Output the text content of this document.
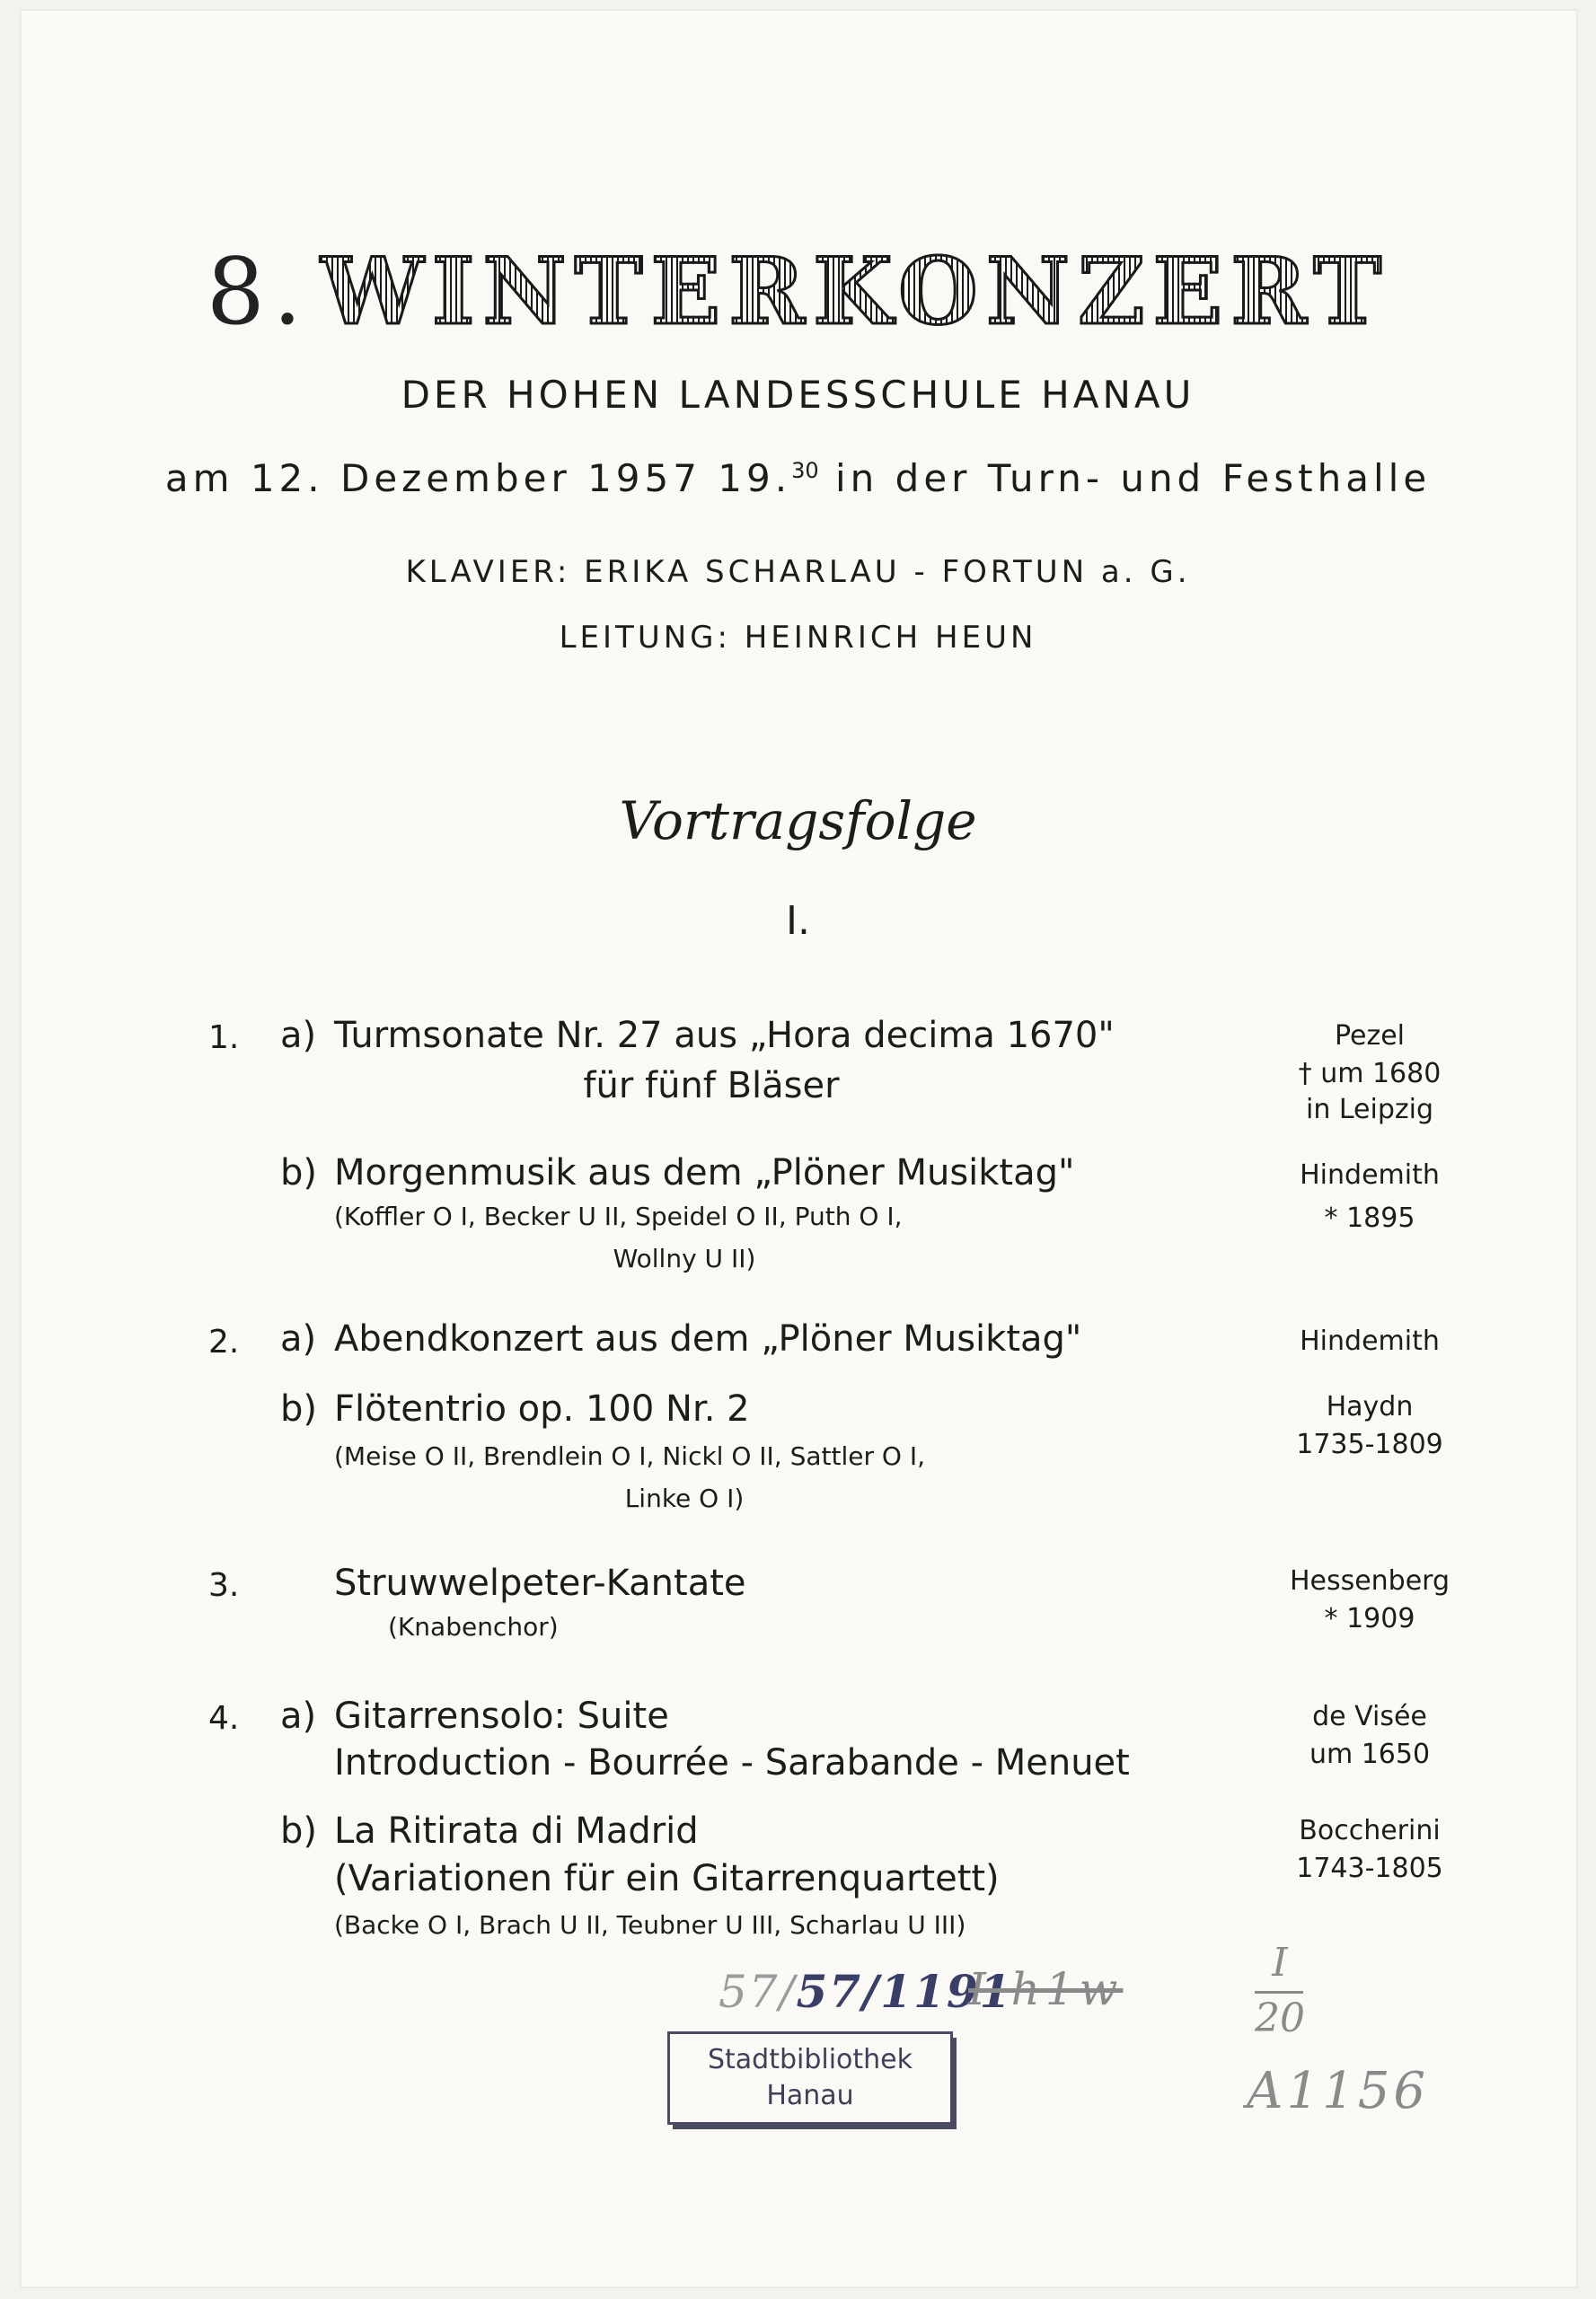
8. WINTERKONZERT
DER HOHEN LANDESSCHULE HANAU
am 12. Dezember 1957 19.30 in der Turn- und Festhalle
KLAVIER: ERIKA SCHARLAU - FORTUN a. G.
LEITUNG: HEINRICH HEUN
Vortragsfolge
I.
1. a) Turmsonate Nr. 27 aus „Hora decima 1670"
für fünf Bläser
Pezel
† um 1680
in Leipzig
b) Morgenmusik aus dem „Plöner Musiktag"
(Koffler O I, Becker U II, Speidel O II, Puth O I,
Wollny U II)
Hindemith
* 1895
2. a) Abendkonzert aus dem „Plöner Musiktag"	Hindemith
b) Flötentrio op. 100 Nr. 2
(Meise O II, Brendlein O I, Nickl O II, Sattler O I,
Linke O I)
Haydn
1735-1809
3.	Struwwelpeter-Kantate
(Knabenchor)
Hessenberg
* 1909
4. a) Gitarrensolo: Suite
Introduction - Bourrée - Sarabande - Menuet
de Visée
um 1650
b) La Ritirata di Madrid
(Variationen für ein Gitarrenquartett)
(Backe O I, Brach U II, Teubner U III, Scharlau U III)
Boccherini
1743-1805
57/57/1191
I h1w
I
20
A1156
Stadtbibliothek
Hanau
